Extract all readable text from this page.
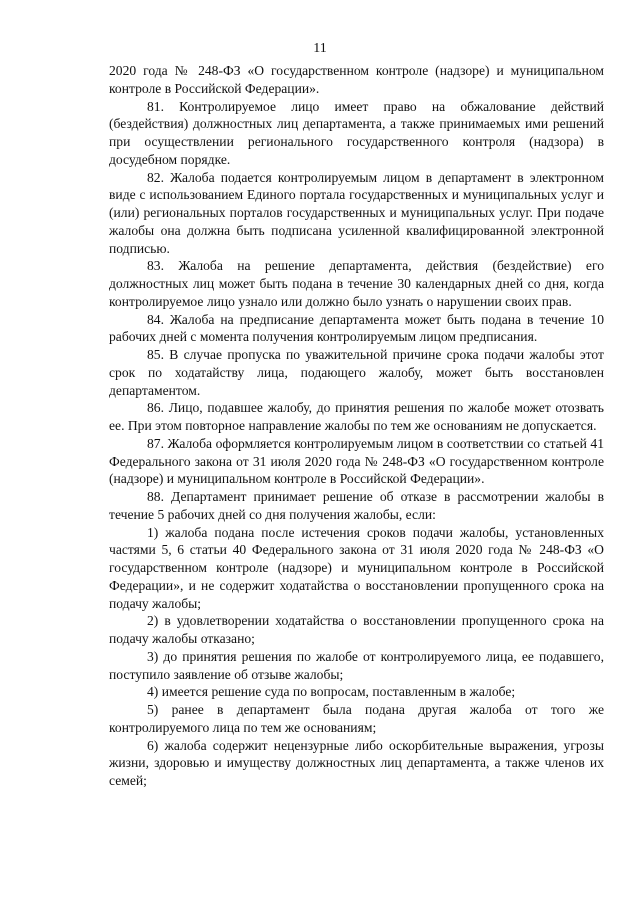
11

2020 года № 248-ФЗ «О государственном контроле (надзоре) и муниципальном контроле в Российской Федерации».

81. Контролируемое лицо имеет право на обжалование действий (бездействия) должностных лиц департамента, а также принимаемых ими решений при осуществлении регионального государственного контроля (надзора) в досудебном порядке.

82. Жалоба подается контролируемым лицом в департамент в электронном виде с использованием Единого портала государственных и муниципальных услуг и (или) региональных порталов государственных и муниципальных услуг. При подаче жалобы она должна быть подписана усиленной квалифицированной электронной подписью.

83. Жалоба на решение департамента, действия (бездействие) его должностных лиц может быть подана в течение 30 календарных дней со дня, когда контролируемое лицо узнало или должно было узнать о нарушении своих прав.

84. Жалоба на предписание департамента может быть подана в течение 10 рабочих дней с момента получения контролируемым лицом предписания.

85. В случае пропуска по уважительной причине срока подачи жалобы этот срок по ходатайству лица, подающего жалобу, может быть восстановлен департаментом.

86. Лицо, подавшее жалобу, до принятия решения по жалобе может отозвать ее. При этом повторное направление жалобы по тем же основаниям не допускается.

87. Жалоба оформляется контролируемым лицом в соответствии со статьей 41 Федерального закона от 31 июля 2020 года № 248-ФЗ «О государственном контроле (надзоре) и муниципальном контроле в Российской Федерации».

88. Департамент принимает решение об отказе в рассмотрении жалобы в течение 5 рабочих дней со дня получения жалобы, если:

1) жалоба подана после истечения сроков подачи жалобы, установленных частями 5, 6 статьи 40 Федерального закона от 31 июля 2020 года № 248-ФЗ «О государственном контроле (надзоре) и муниципальном контроле в Российской Федерации», и не содержит ходатайства о восстановлении пропущенного срока на подачу жалобы;

2) в удовлетворении ходатайства о восстановлении пропущенного срока на подачу жалобы отказано;

3) до принятия решения по жалобе от контролируемого лица, ее подавшего, поступило заявление об отзыве жалобы;

4) имеется решение суда по вопросам, поставленным в жалобе;

5) ранее в департамент была подана другая жалоба от того же контролируемого лица по тем же основаниям;

6) жалоба содержит нецензурные либо оскорбительные выражения, угрозы жизни, здоровью и имуществу должностных лиц департамента, а также членов их семей;
